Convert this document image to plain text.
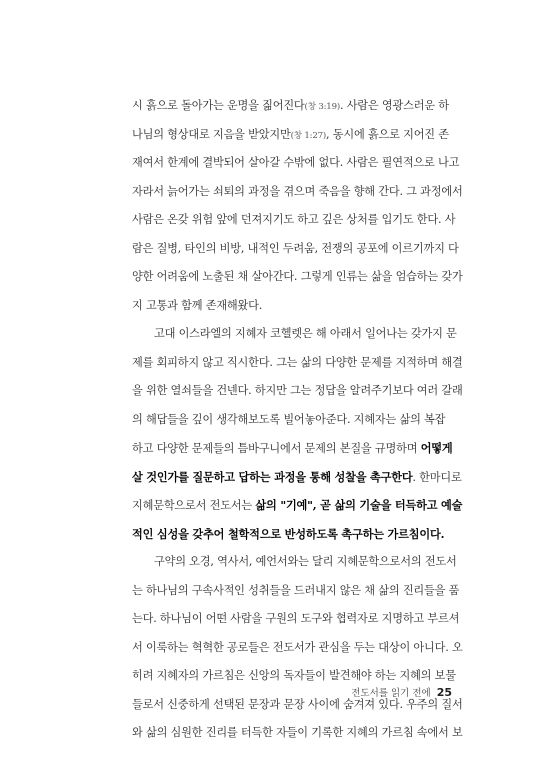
시 흙으로 돌아가는 운명을 짊어진다(창 3:19). 사람은 영광스러운 하
나님의 형상대로 지음을 받았지만(창 1:27), 동시에 흙으로 지어진 존
재여서 한계에 결박되어 살아갈 수밖에 없다. 사람은 필연적으로 나고
자라서 늙어가는 쇠퇴의 과정을 겪으며 죽음을 향해 간다. 그 과정에서
사람은 온갖 위험 앞에 던져지기도 하고 깊은 상처를 입기도 한다. 사
람은 질병, 타인의 비방, 내적인 두려움, 전쟁의 공포에 이르기까지 다
양한 어려움에 노출된 채 살아간다. 그렇게 인류는 삶을 엄습하는 갖가
지 고통과 함께 존재해왔다.
고대 이스라엘의 지혜자 코헬렛은 해 아래서 일어나는 갖가지 문
제를 회피하지 않고 직시한다. 그는 삶의 다양한 문제를 지적하며 해결
을 위한 열쇠들을 건넨다. 하지만 그는 정답을 알려주기보다 여러 갈래
의 해답들을 깊이 생각해보도록 빌어놓아준다. 지혜자는 삶의 복잡
하고 다양한 문제들의 틈바구니에서 문제의 본질을 규명하며 어떻게
살 것인가를 질문하고 답하는 과정을 통해 성찰을 촉구한다. 한마디로
지혜문학으로서 전도서는 삶의 "기예", 곧 삶의 기술을 터득하고 예술
적인 심성을 갖추어 철학적으로 반성하도록 촉구하는 가르침이다.
구약의 오경, 역사서, 예언서와는 달리 지혜문학으로서의 전도서
는 하나님의 구속사적인 성취들을 드러내지 않은 채 삶의 진리들을 품
는다. 하나님이 어떤 사람을 구원의 도구와 협력자로 지명하고 부르셔
서 이룩하는 혁혁한 공로들은 전도서가 관심을 두는 대상이 아니다. 오
히려 지혜자의 가르침은 신앙의 독자들이 발견해야 하는 지혜의 보물
들로서 신중하게 선택된 문장과 문장 사이에 숨겨져 있다. 우주의 질서
와 삶의 심원한 진리를 터득한 자들이 기록한 지혜의 가르침 속에서 보
전도서를 읽기 전에 25
